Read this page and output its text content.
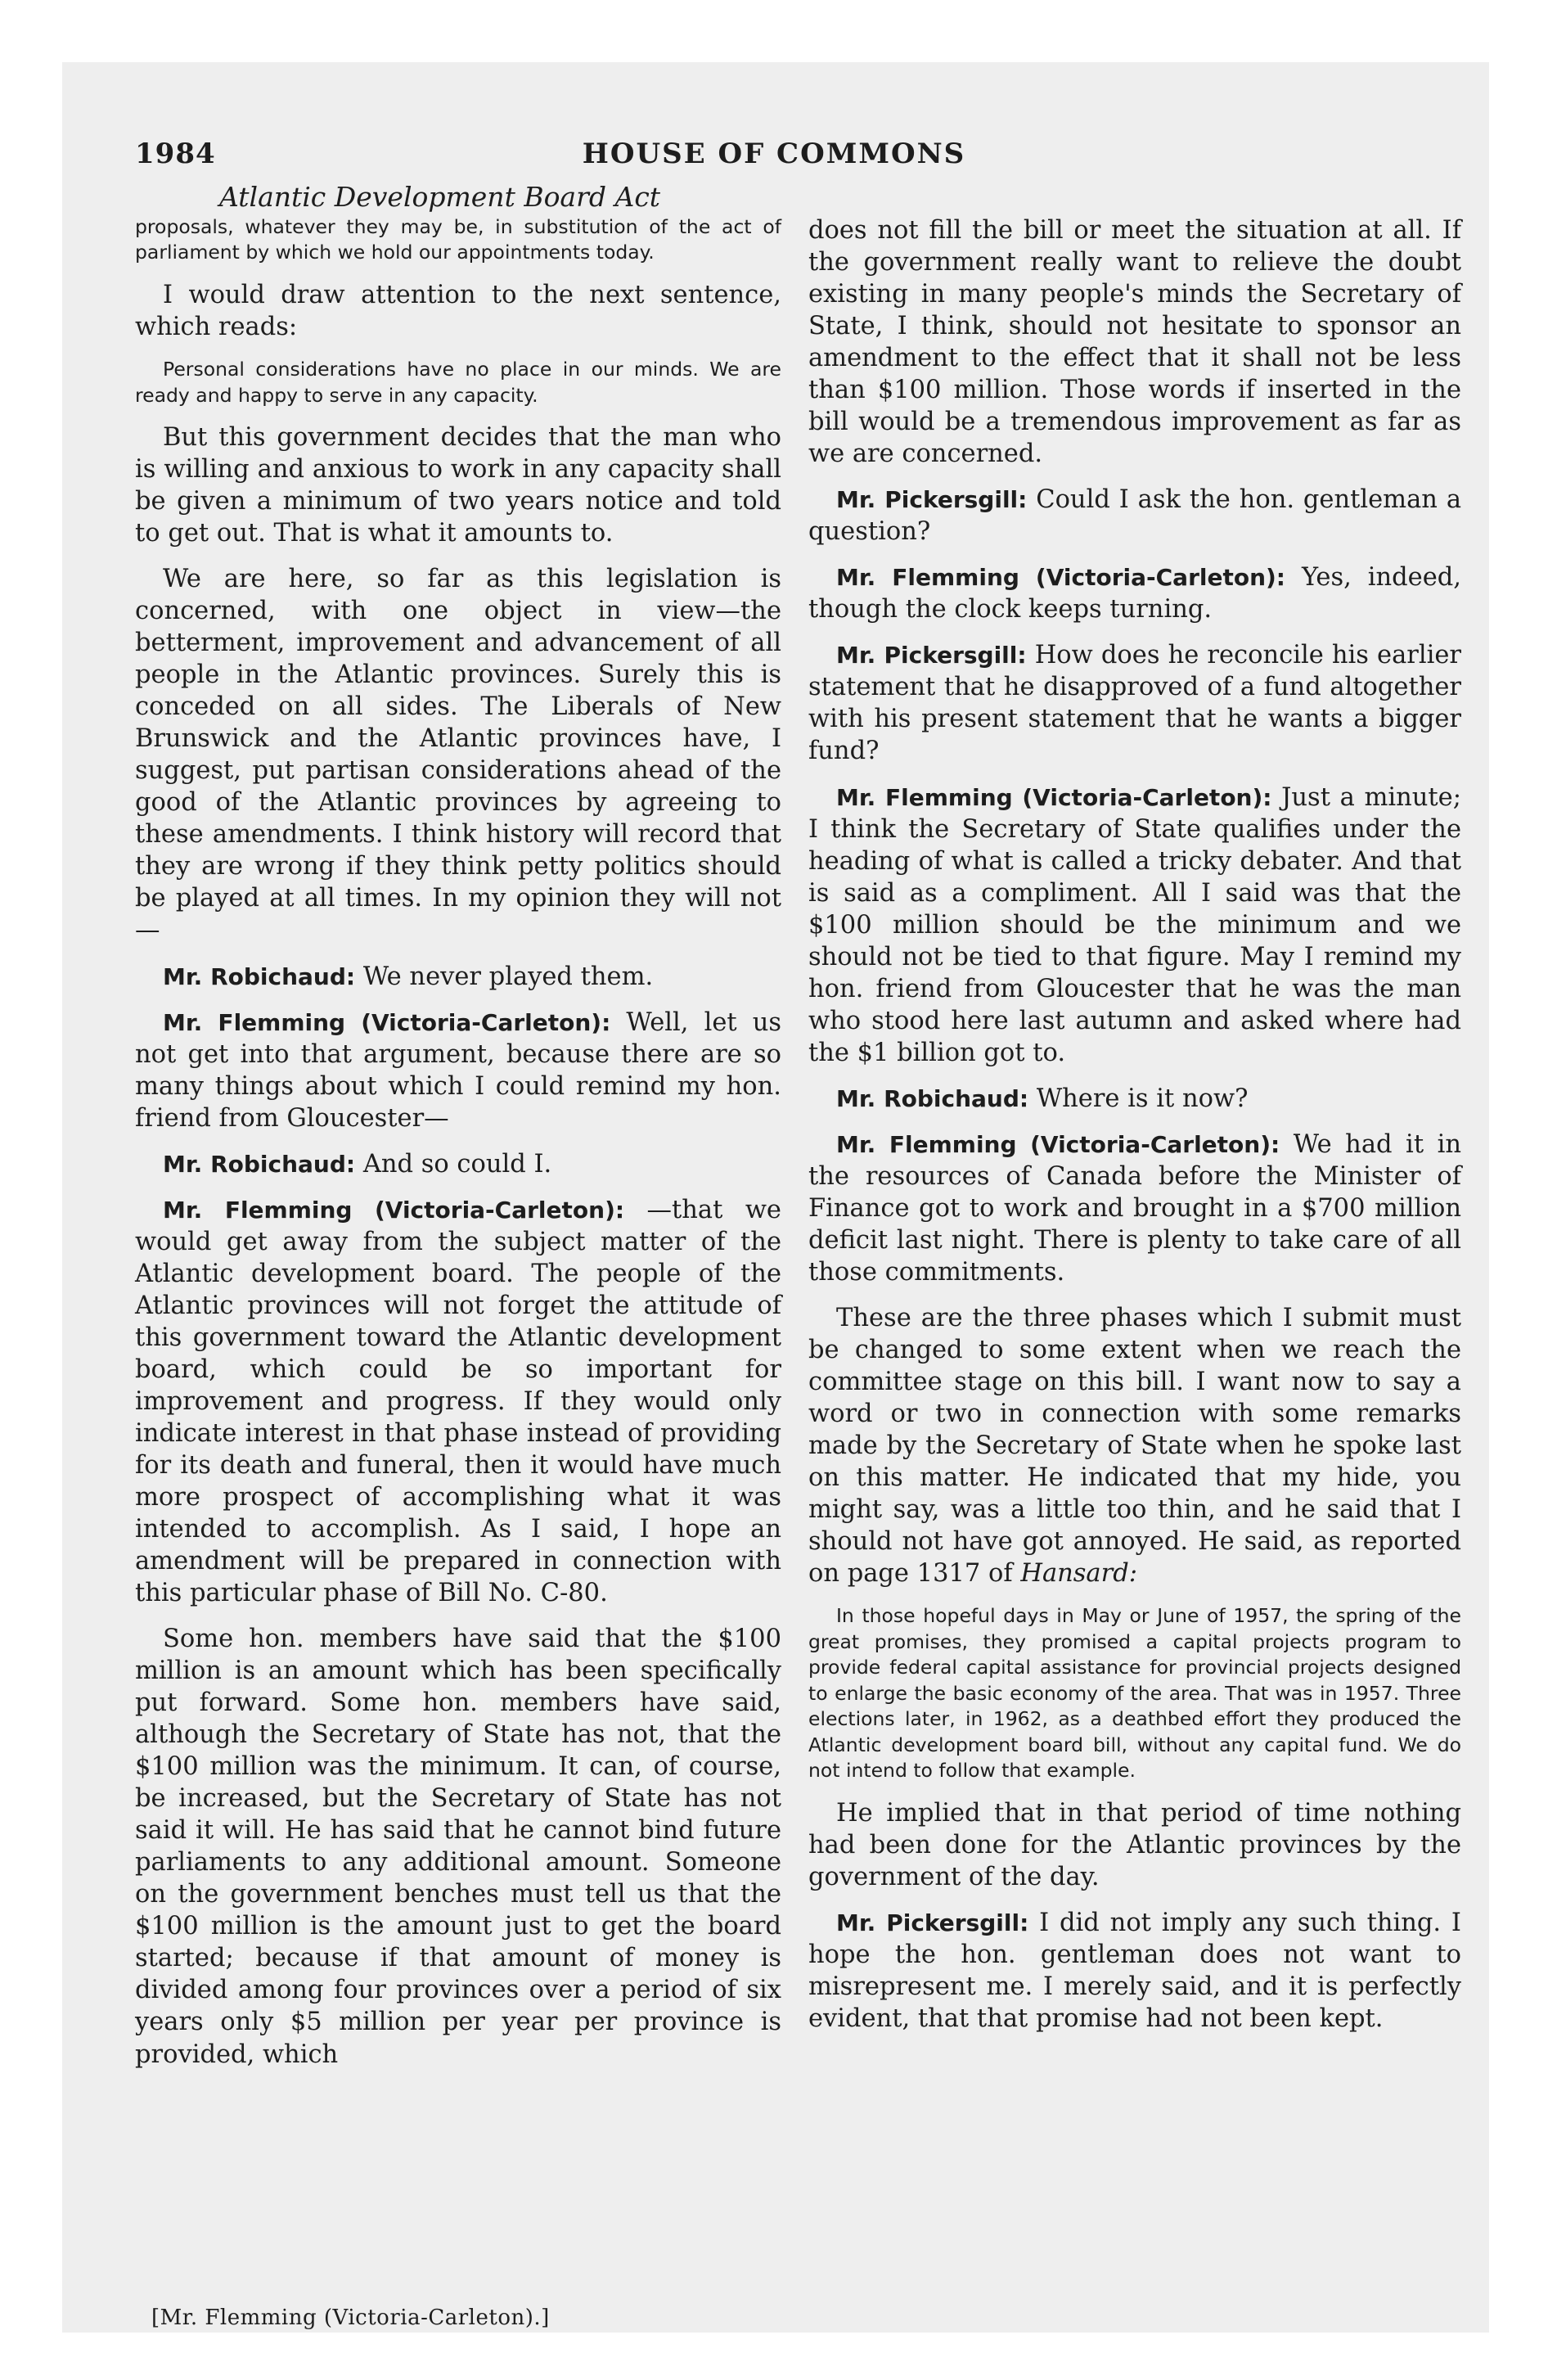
1984	HOUSE OF COMMONS
Atlantic Development Board Act

proposals, whatever they may be, in substitution of the act of parliament by which we hold our appointments today.

I would draw attention to the next sentence, which reads:

Personal considerations have no place in our minds. We are ready and happy to serve in any capacity.

But this government decides that the man who is willing and anxious to work in any capacity shall be given a minimum of two years notice and told to get out. That is what it amounts to.

We are here, so far as this legislation is concerned, with one object in view—the betterment, improvement and advancement of all people in the Atlantic provinces. Surely this is conceded on all sides. The Liberals of New Brunswick and the Atlantic provinces have, I suggest, put partisan considerations ahead of the good of the Atlantic provinces by agreeing to these amendments. I think history will record that they are wrong if they think petty politics should be played at all times. In my opinion they will not—

Mr. Robichaud: We never played them.

Mr. Flemming (Victoria-Carleton): Well, let us not get into that argument, because there are so many things about which I could remind my hon. friend from Gloucester—

Mr. Robichaud: And so could I.

Mr. Flemming (Victoria-Carleton): —that we would get away from the subject matter of the Atlantic development board. The people of the Atlantic provinces will not forget the attitude of this government toward the Atlantic development board, which could be so important for improvement and progress. If they would only indicate interest in that phase instead of providing for its death and funeral, then it would have much more prospect of accomplishing what it was intended to accomplish. As I said, I hope an amendment will be prepared in connection with this particular phase of Bill No. C-80.

Some hon. members have said that the $100 million is an amount which has been specifically put forward. Some hon. members have said, although the Secretary of State has not, that the $100 million was the minimum. It can, of course, be increased, but the Secretary of State has not said it will. He has said that he cannot bind future parliaments to any additional amount. Someone on the government benches must tell us that the $100 million is the amount just to get the board started; because if that amount of money is divided among four provinces over a period of six years only $5 million per year per province is provided, which

does not fill the bill or meet the situation at all. If the government really want to relieve the doubt existing in many people's minds the Secretary of State, I think, should not hesitate to sponsor an amendment to the effect that it shall not be less than $100 million. Those words if inserted in the bill would be a tremendous improvement as far as we are concerned.

Mr. Pickersgill: Could I ask the hon. gentleman a question?

Mr. Flemming (Victoria-Carleton): Yes, indeed, though the clock keeps turning.

Mr. Pickersgill: How does he reconcile his earlier statement that he disapproved of a fund altogether with his present statement that he wants a bigger fund?

Mr. Flemming (Victoria-Carleton): Just a minute; I think the Secretary of State qualifies under the heading of what is called a tricky debater. And that is said as a compliment. All I said was that the $100 million should be the minimum and we should not be tied to that figure. May I remind my hon. friend from Gloucester that he was the man who stood here last autumn and asked where had the $1 billion got to.

Mr. Robichaud: Where is it now?

Mr. Flemming (Victoria-Carleton): We had it in the resources of Canada before the Minister of Finance got to work and brought in a $700 million deficit last night. There is plenty to take care of all those commitments.

These are the three phases which I submit must be changed to some extent when we reach the committee stage on this bill. I want now to say a word or two in connection with some remarks made by the Secretary of State when he spoke last on this matter. He indicated that my hide, you might say, was a little too thin, and he said that I should not have got annoyed. He said, as reported on page 1317 of Hansard:

In those hopeful days in May or June of 1957, the spring of the great promises, they promised a capital projects program to provide federal capital assistance for provincial projects designed to enlarge the basic economy of the area. That was in 1957. Three elections later, in 1962, as a deathbed effort they produced the Atlantic development board bill, without any capital fund. We do not intend to follow that example.

He implied that in that period of time nothing had been done for the Atlantic provinces by the government of the day.

Mr. Pickersgill: I did not imply any such thing. I hope the hon. gentleman does not want to misrepresent me. I merely said, and it is perfectly evident, that that promise had not been kept.

[Mr. Flemming (Victoria-Carleton).]
